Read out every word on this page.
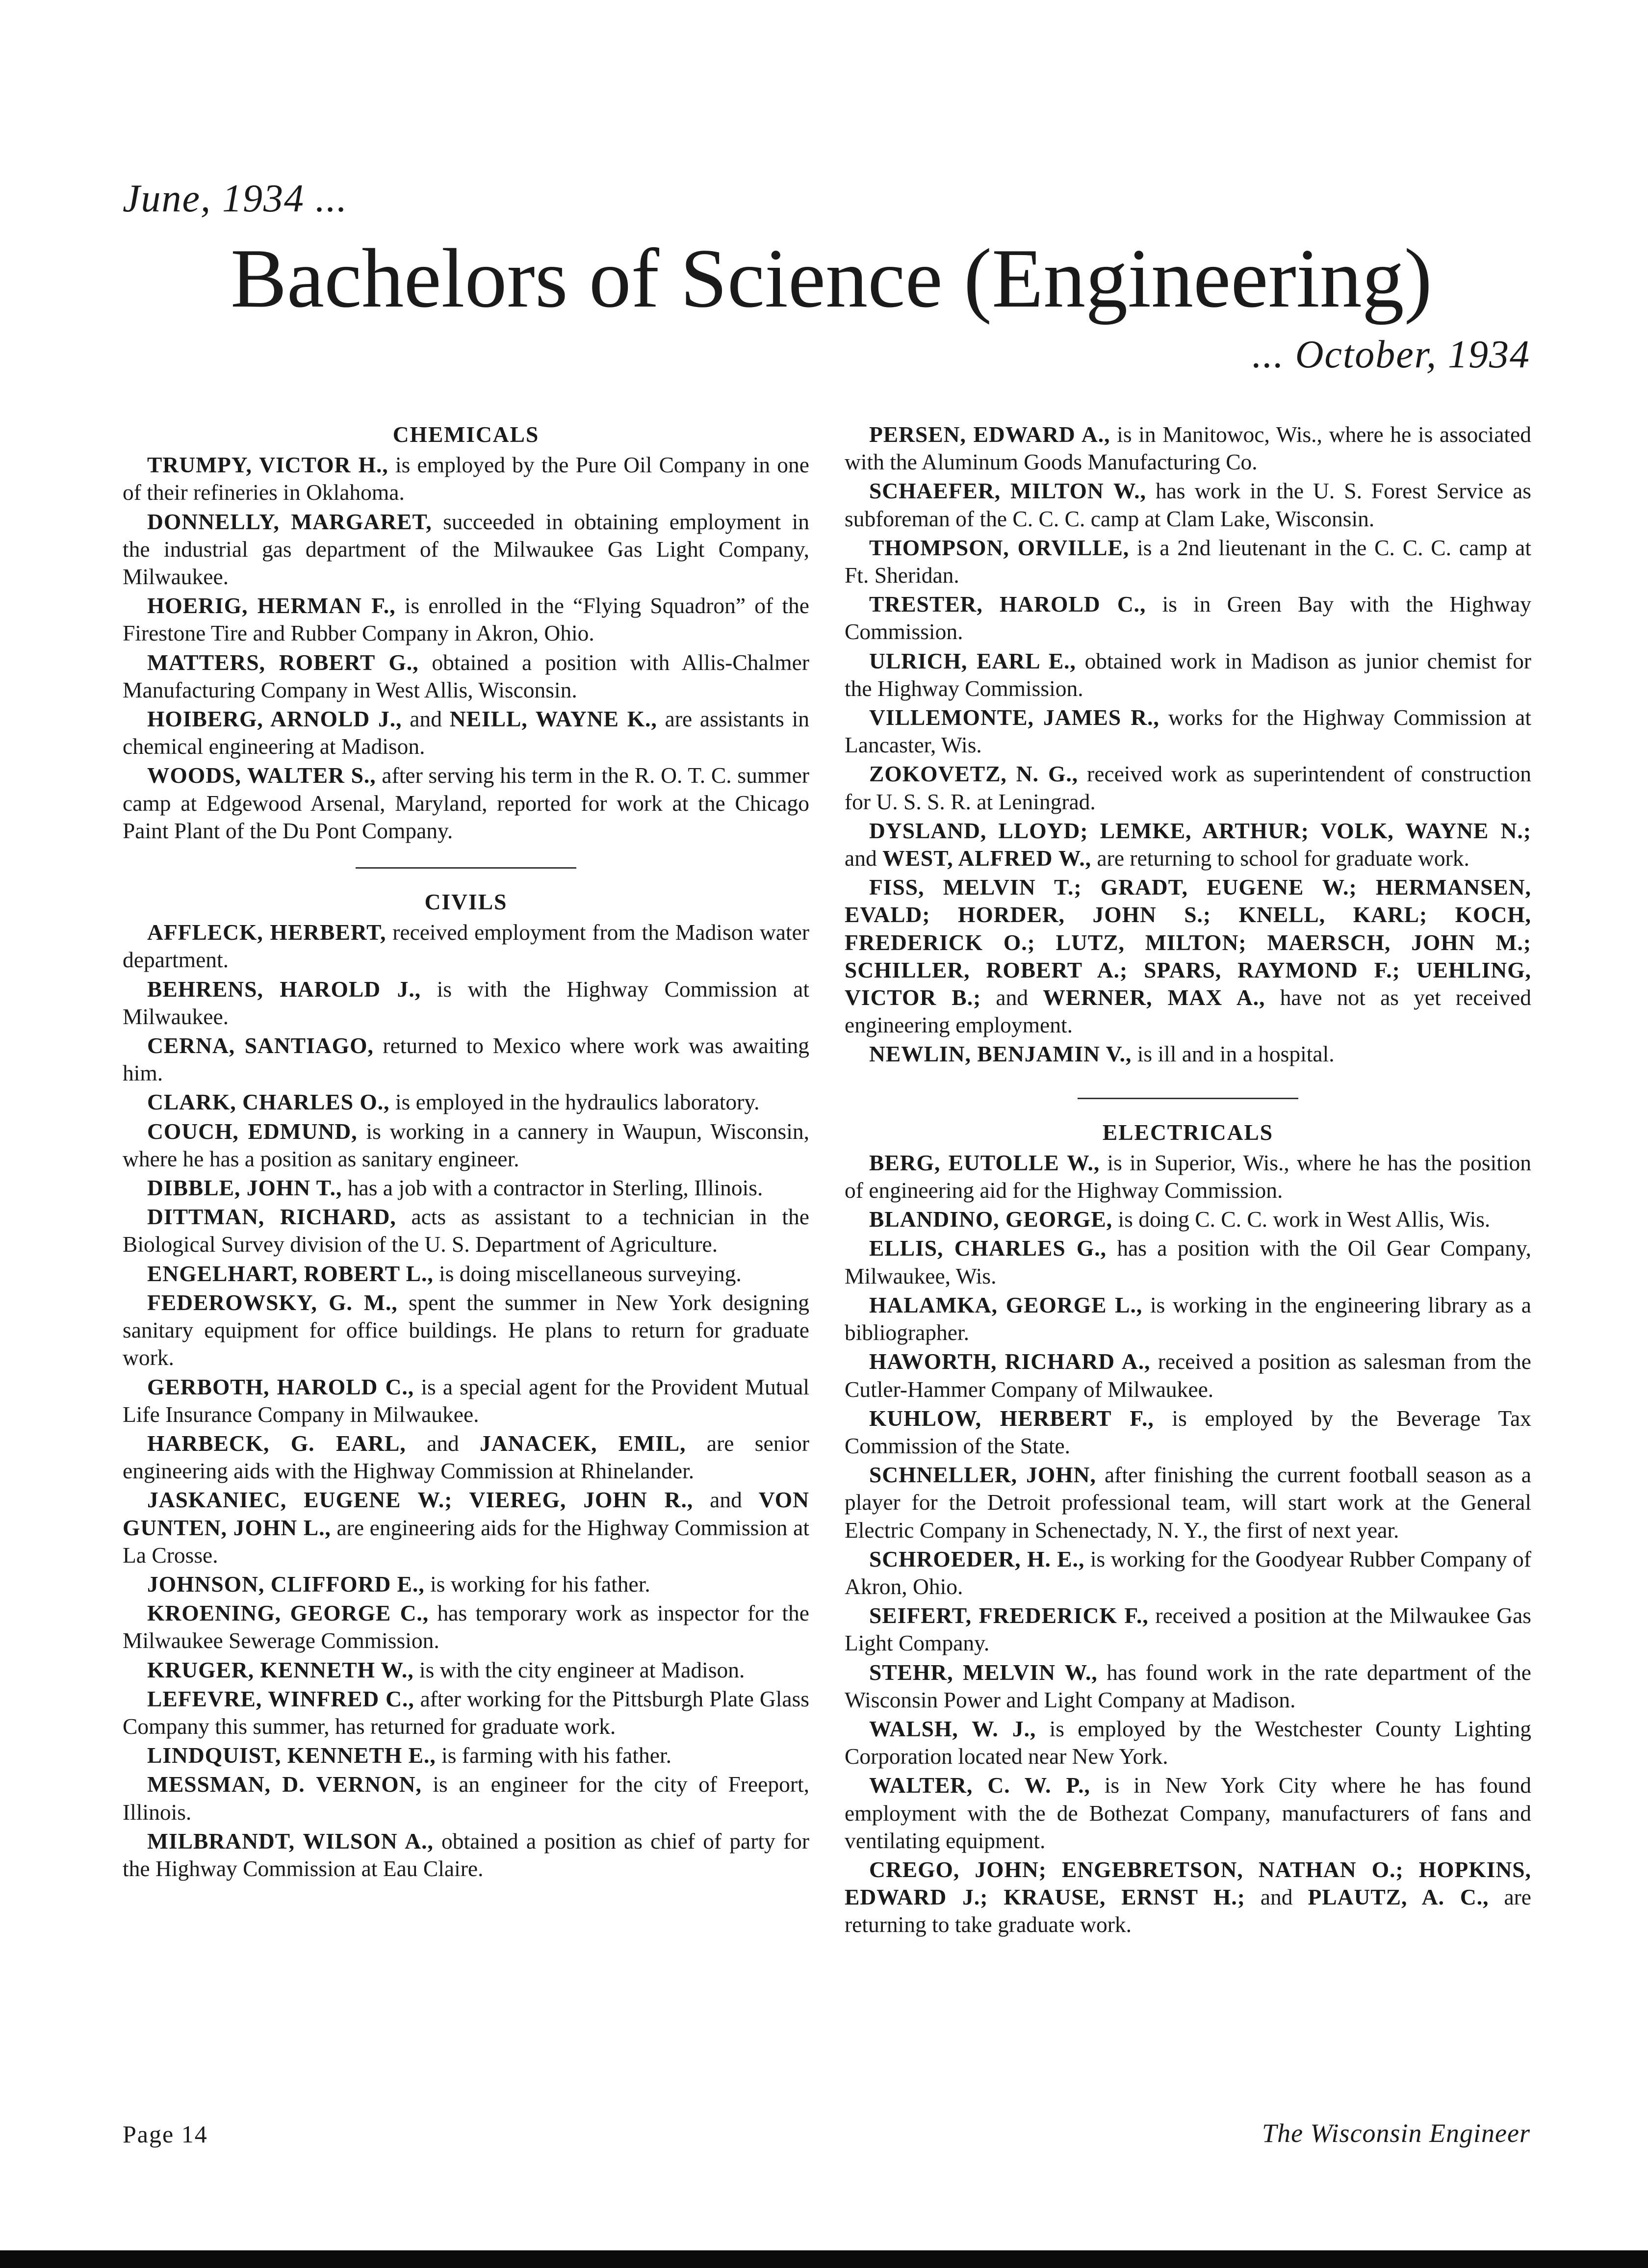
June, 1934 ...
Bachelors of Science (Engineering)
... October, 1934
CHEMICALS

TRUMPY, VICTOR H., is employed by the Pure Oil Company in one of their refineries in Oklahoma.

DONNELLY, MARGARET, succeeded in obtaining employment in the industrial gas department of the Milwaukee Gas Light Company, Milwaukee.

HOERIG, HERMAN F., is enrolled in the “Flying Squadron” of the Firestone Tire and Rubber Company in Akron, Ohio.

MATTERS, ROBERT G., obtained a position with Allis-Chalmer Manufacturing Company in West Allis, Wisconsin.

HOIBERG, ARNOLD J., and NEILL, WAYNE K., are assistants in chemical engineering at Madison.

WOODS, WALTER S., after serving his term in the R. O. T. C. summer camp at Edgewood Arsenal, Maryland, reported for work at the Chicago Paint Plant of the Du Pont Company.

CIVILS

AFFLECK, HERBERT, received employment from the Madison water department.

BEHRENS, HAROLD J., is with the Highway Commission at Milwaukee.

CERNA, SANTIAGO, returned to Mexico where work was awaiting him.

CLARK, CHARLES O., is employed in the hydraulics laboratory.

COUCH, EDMUND, is working in a cannery in Waupun, Wisconsin, where he has a position as sanitary engineer.

DIBBLE, JOHN T., has a job with a contractor in Sterling, Illinois.

DITTMAN, RICHARD, acts as assistant to a technician in the Biological Survey division of the U. S. Department of Agriculture.

ENGELHART, ROBERT L., is doing miscellaneous surveying.

FEDEROWSKY, G. M., spent the summer in New York designing sanitary equipment for office buildings. He plans to return for graduate work.

GERBOTH, HAROLD C., is a special agent for the Provident Mutual Life Insurance Company in Milwaukee.

HARBECK, G. EARL, and JANACEK, EMIL, are senior engineering aids with the Highway Commission at Rhinelander.

JASKANIEC, EUGENE W.; VIEREG, JOHN R., and VON GUNTEN, JOHN L., are engineering aids for the Highway Commission at La Crosse.

JOHNSON, CLIFFORD E., is working for his father.

KROENING, GEORGE C., has temporary work as inspector for the Milwaukee Sewerage Commission.

KRUGER, KENNETH W., is with the city engineer at Madison.

LEFEVRE, WINFRED C., after working for the Pittsburgh Plate Glass Company this summer, has returned for graduate work.

LINDQUIST, KENNETH E., is farming with his father.

MESSMAN, D. VERNON, is an engineer for the city of Freeport, Illinois.

MILBRANDT, WILSON A., obtained a position as chief of party for the Highway Commission at Eau Claire.

PERSEN, EDWARD A., is in Manitowoc, Wis., where he is associated with the Aluminum Goods Manufacturing Co.

SCHAEFER, MILTON W., has work in the U. S. Forest Service as subforeman of the C. C. C. camp at Clam Lake, Wisconsin.

THOMPSON, ORVILLE, is a 2nd lieutenant in the C. C. C. camp at Ft. Sheridan.

TRESTER, HAROLD C., is in Green Bay with the Highway Commission.

ULRICH, EARL E., obtained work in Madison as junior chemist for the Highway Commission.

VILLEMONTE, JAMES R., works for the Highway Commission at Lancaster, Wis.

ZOKOVETZ, N. G., received work as superintendent of construction for U. S. S. R. at Leningrad.

DYSLAND, LLOYD; LEMKE, ARTHUR; VOLK, WAYNE N.; and WEST, ALFRED W., are returning to school for graduate work.

FISS, MELVIN T.; GRADT, EUGENE W.; HERMANSEN, EVALD; HORDER, JOHN S.; KNELL, KARL; KOCH, FREDERICK O.; LUTZ, MILTON; MAERSCH, JOHN M.; SCHILLER, ROBERT A.; SPARS, RAYMOND F.; UEHLING, VICTOR B.; and WERNER, MAX A., have not as yet received engineering employment.

NEWLIN, BENJAMIN V., is ill and in a hospital.

ELECTRICALS

BERG, EUTOLLE W., is in Superior, Wis., where he has the position of engineering aid for the Highway Commission.

BLANDINO, GEORGE, is doing C. C. C. work in West Allis, Wis.

ELLIS, CHARLES G., has a position with the Oil Gear Company, Milwaukee, Wis.

HALAMKA, GEORGE L., is working in the engineering library as a bibliographer.

HAWORTH, RICHARD A., received a position as salesman from the Cutler-Hammer Company of Milwaukee.

KUHLOW, HERBERT F., is employed by the Beverage Tax Commission of the State.

SCHNELLER, JOHN, after finishing the current football season as a player for the Detroit professional team, will start work at the General Electric Company in Schenectady, N. Y., the first of next year.

SCHROEDER, H. E., is working for the Goodyear Rubber Company of Akron, Ohio.

SEIFERT, FREDERICK F., received a position at the Milwaukee Gas Light Company.

STEHR, MELVIN W., has found work in the rate department of the Wisconsin Power and Light Company at Madison.

WALSH, W. J., is employed by the Westchester County Lighting Corporation located near New York.

WALTER, C. W. P., is in New York City where he has found employment with the de Bothezat Company, manufacturers of fans and ventilating equipment.

CREGO, JOHN; ENGEBRETSON, NATHAN O.; HOPKINS, EDWARD J.; KRAUSE, ERNST H.; and PLAUTZ, A. C., are returning to take graduate work.

Page 14	The Wisconsin Engineer
